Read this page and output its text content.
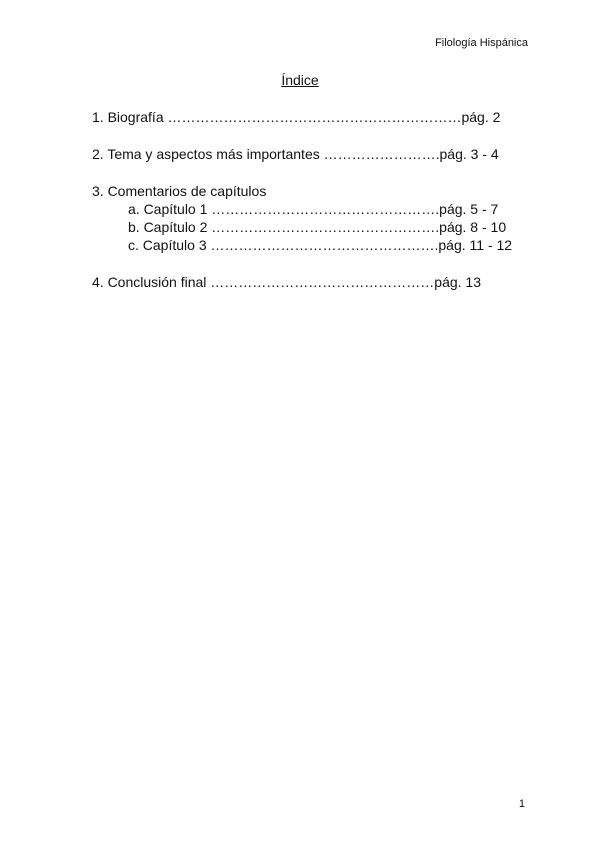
Filología Hispánica
Índice
1. Biografía ………………………………………………………pág. 2
2. Tema y aspectos más importantes …………………….pág. 3 - 4
3. Comentarios de capítulos
a. Capítulo 1 ………………………………………….pág. 5 - 7
b. Capítulo 2 ………………………………………….pág. 8 - 10
c. Capítulo 3 ………………………………………….pág. 11 - 12
4. Conclusión final …………………………………………pág. 13
1
